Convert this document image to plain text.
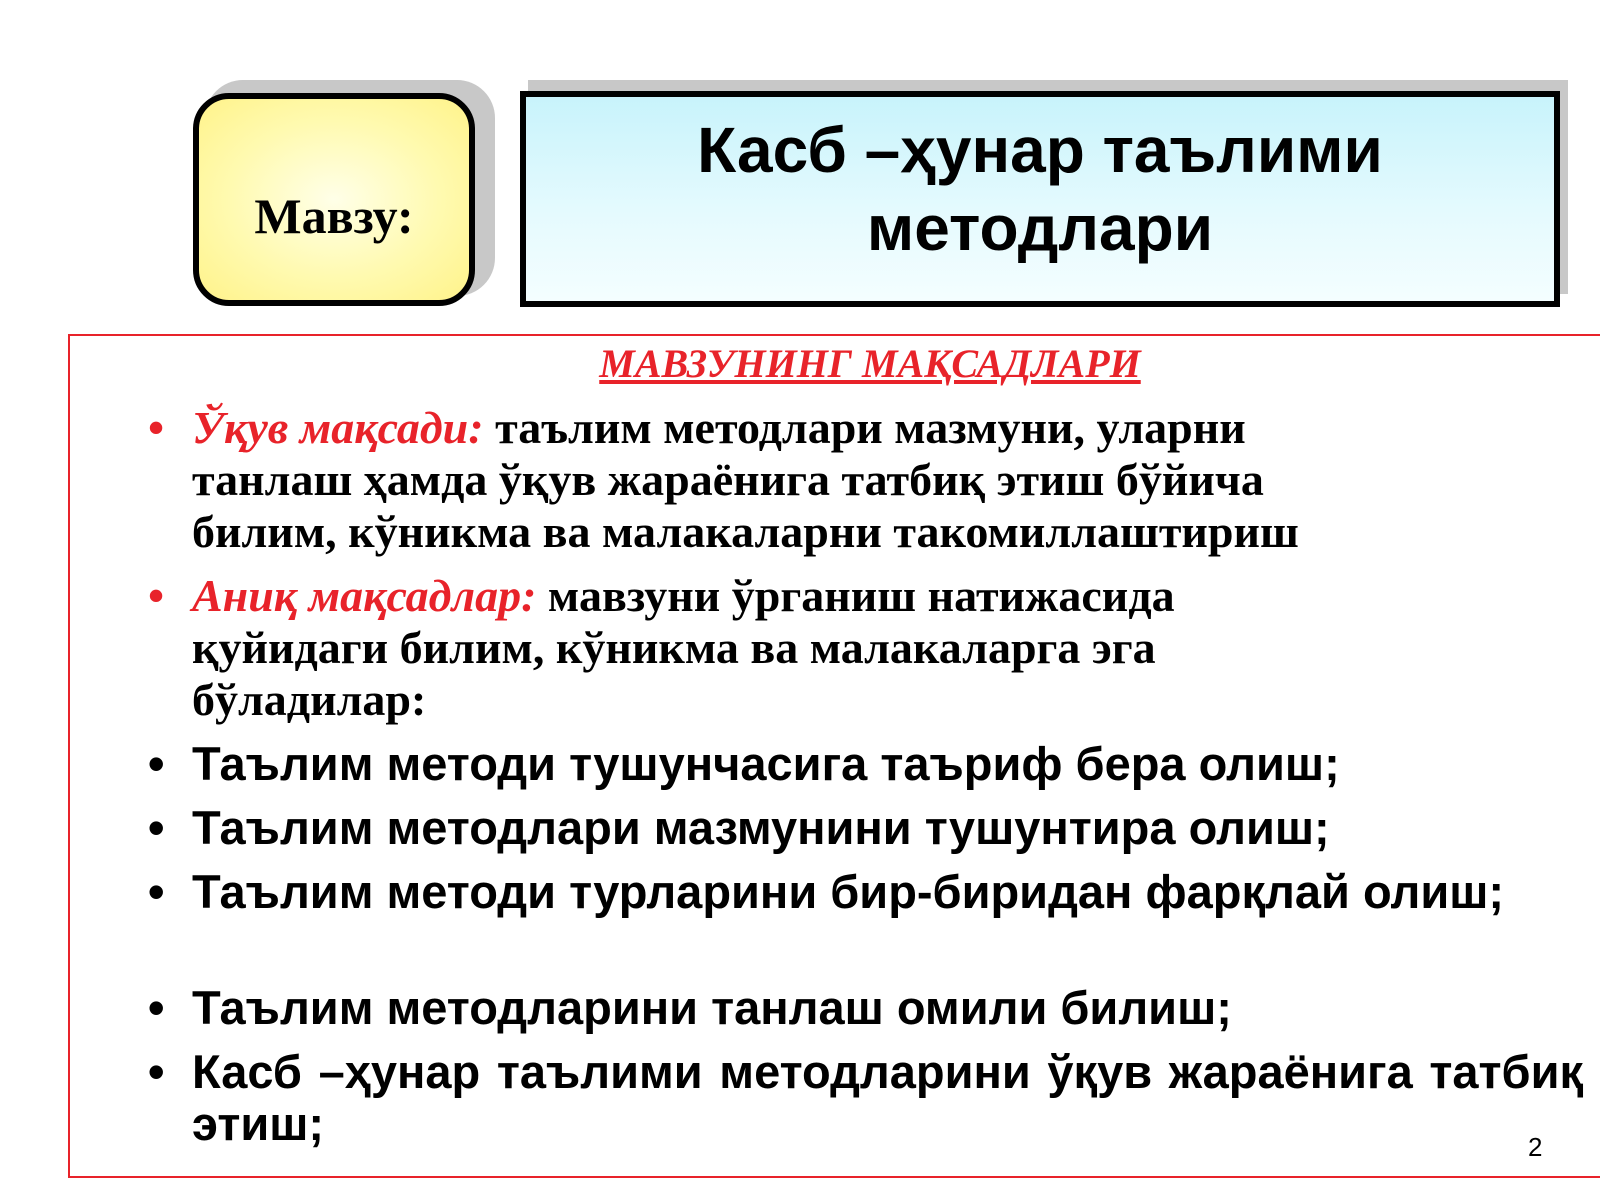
Мавзу:
Касб –ҳунар таълими
методлари
МАВЗУНИНГ МАҚСАДЛАРИ
• Ўқув мақсади: таълим методлари мазмуни, уларни
танлаш ҳамда ўқув жараёнига татбиқ этиш бўйича
билим, кўникма ва малакаларни такомиллаштириш
• Аниқ мақсадлар: мавзуни ўрганиш натижасида
қуйидаги билим, кўникма ва малакаларга эга
бўладилар:
• Таълим методи тушунчасига таъриф бера олиш;
• Таълим методлари мазмунини тушунтира олиш;
• Таълим методи турларини бир-биридан фарқлай олиш;
• Таълим методларини танлаш омили билиш;
• Касб –ҳунар таълими методларини ўқув жараёнига татбиқ этиш;	2
